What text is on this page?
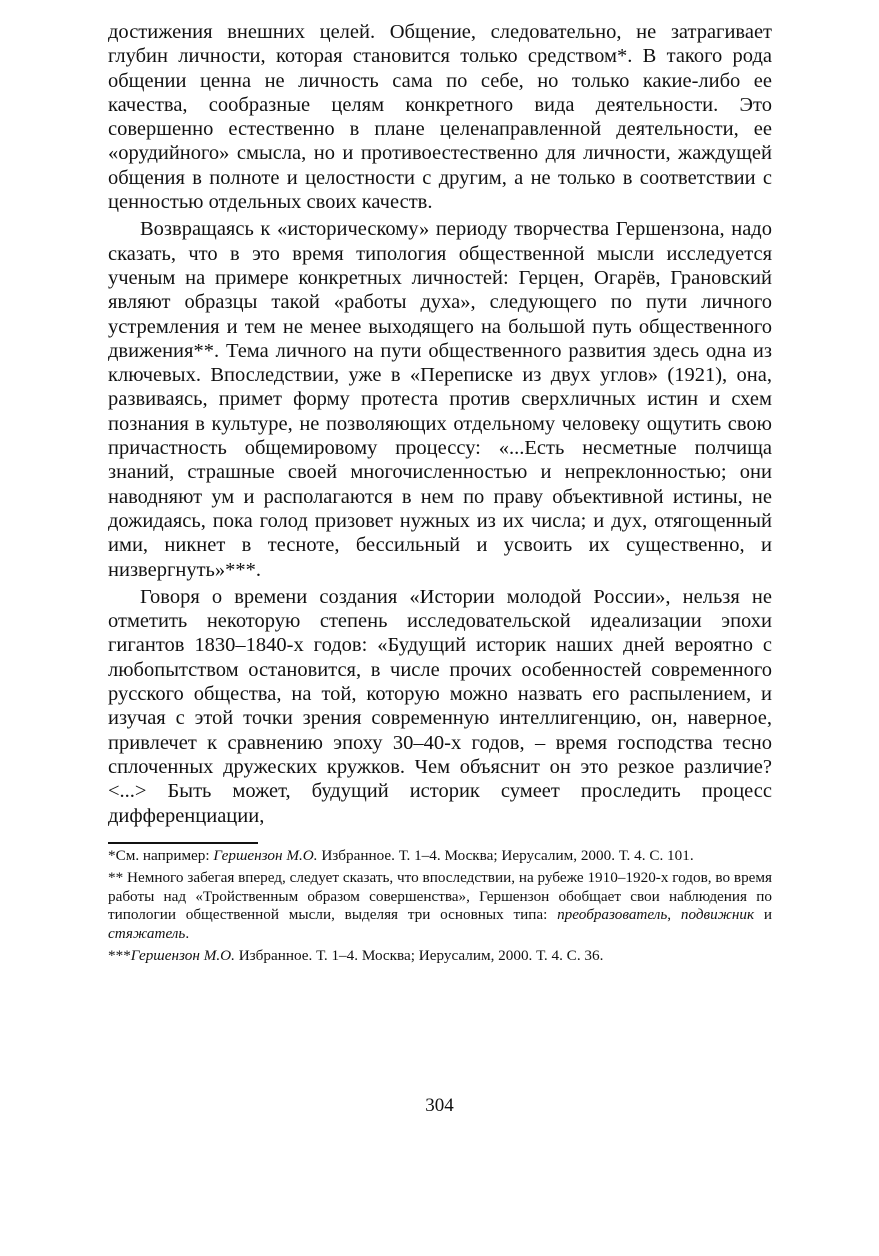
достижения внешних целей. Общение, следовательно, не затрагивает глубин личности, которая становится только средством*. В такого рода общении ценна не личность сама по себе, но только какие-либо ее качества, сообразные целям конкретного вида деятельности. Это совершенно естественно в плане целенаправленной деятельности, ее «орудийного» смысла, но и противоестественно для личности, жаждущей общения в полноте и целостности с другим, а не только в соответствии с ценностью отдельных своих качеств.

Возвращаясь к «историческому» периоду творчества Гершензона, надо сказать, что в это время типология общественной мысли исследуется ученым на примере конкретных личностей: Герцен, Огарёв, Грановский являют образцы такой «работы духа», следующего по пути личного устремления и тем не менее выходящего на большой путь общественного движения**. Тема личного на пути общественного развития здесь одна из ключевых. Впоследствии, уже в «Переписке из двух углов» (1921), она, развиваясь, примет форму протеста против сверхличных истин и схем познания в культуре, не позволяющих отдельному человеку ощутить свою причастность общемировому процессу: «...Есть несметные полчища знаний, страшные своей многочисленностью и непреклонностью; они наводняют ум и располагаются в нем по праву объективной истины, не дожидаясь, пока голод призовет нужных из их числа; и дух, отягощенный ими, никнет в тесноте, бессильный и усвоить их существенно, и низвергнуть»***.

Говоря о времени создания «Истории молодой России», нельзя не отметить некоторую степень исследовательской идеализации эпохи гигантов 1830–1840-х годов: «Будущий историк наших дней вероятно с любопытством остановится, в числе прочих особенностей современного русского общества, на той, которую можно назвать его распылением, и изучая с этой точки зрения современную интеллигенцию, он, наверное, привлечет к сравнению эпоху 30–40-х годов, – время господства тесно сплоченных дружеских кружков. Чем объяснит он это резкое различие? <...> Быть может, будущий историк сумеет проследить процесс дифференциации,

*См. например: Гершензон М.О. Избранное. Т. 1–4. Москва; Иерусалим, 2000. Т. 4. С. 101.

** Немного забегая вперед, следует сказать, что впоследствии, на рубеже 1910–1920-х годов, во время работы над «Тройственным образом совершенства», Гершензон обобщает свои наблюдения по типологии общественной мысли, выделяя три основных типа: преобразователь, подвижник и стяжатель.

***Гершензон М.О. Избранное. Т. 1–4. Москва; Иерусалим, 2000. Т. 4. С. 36.

304
